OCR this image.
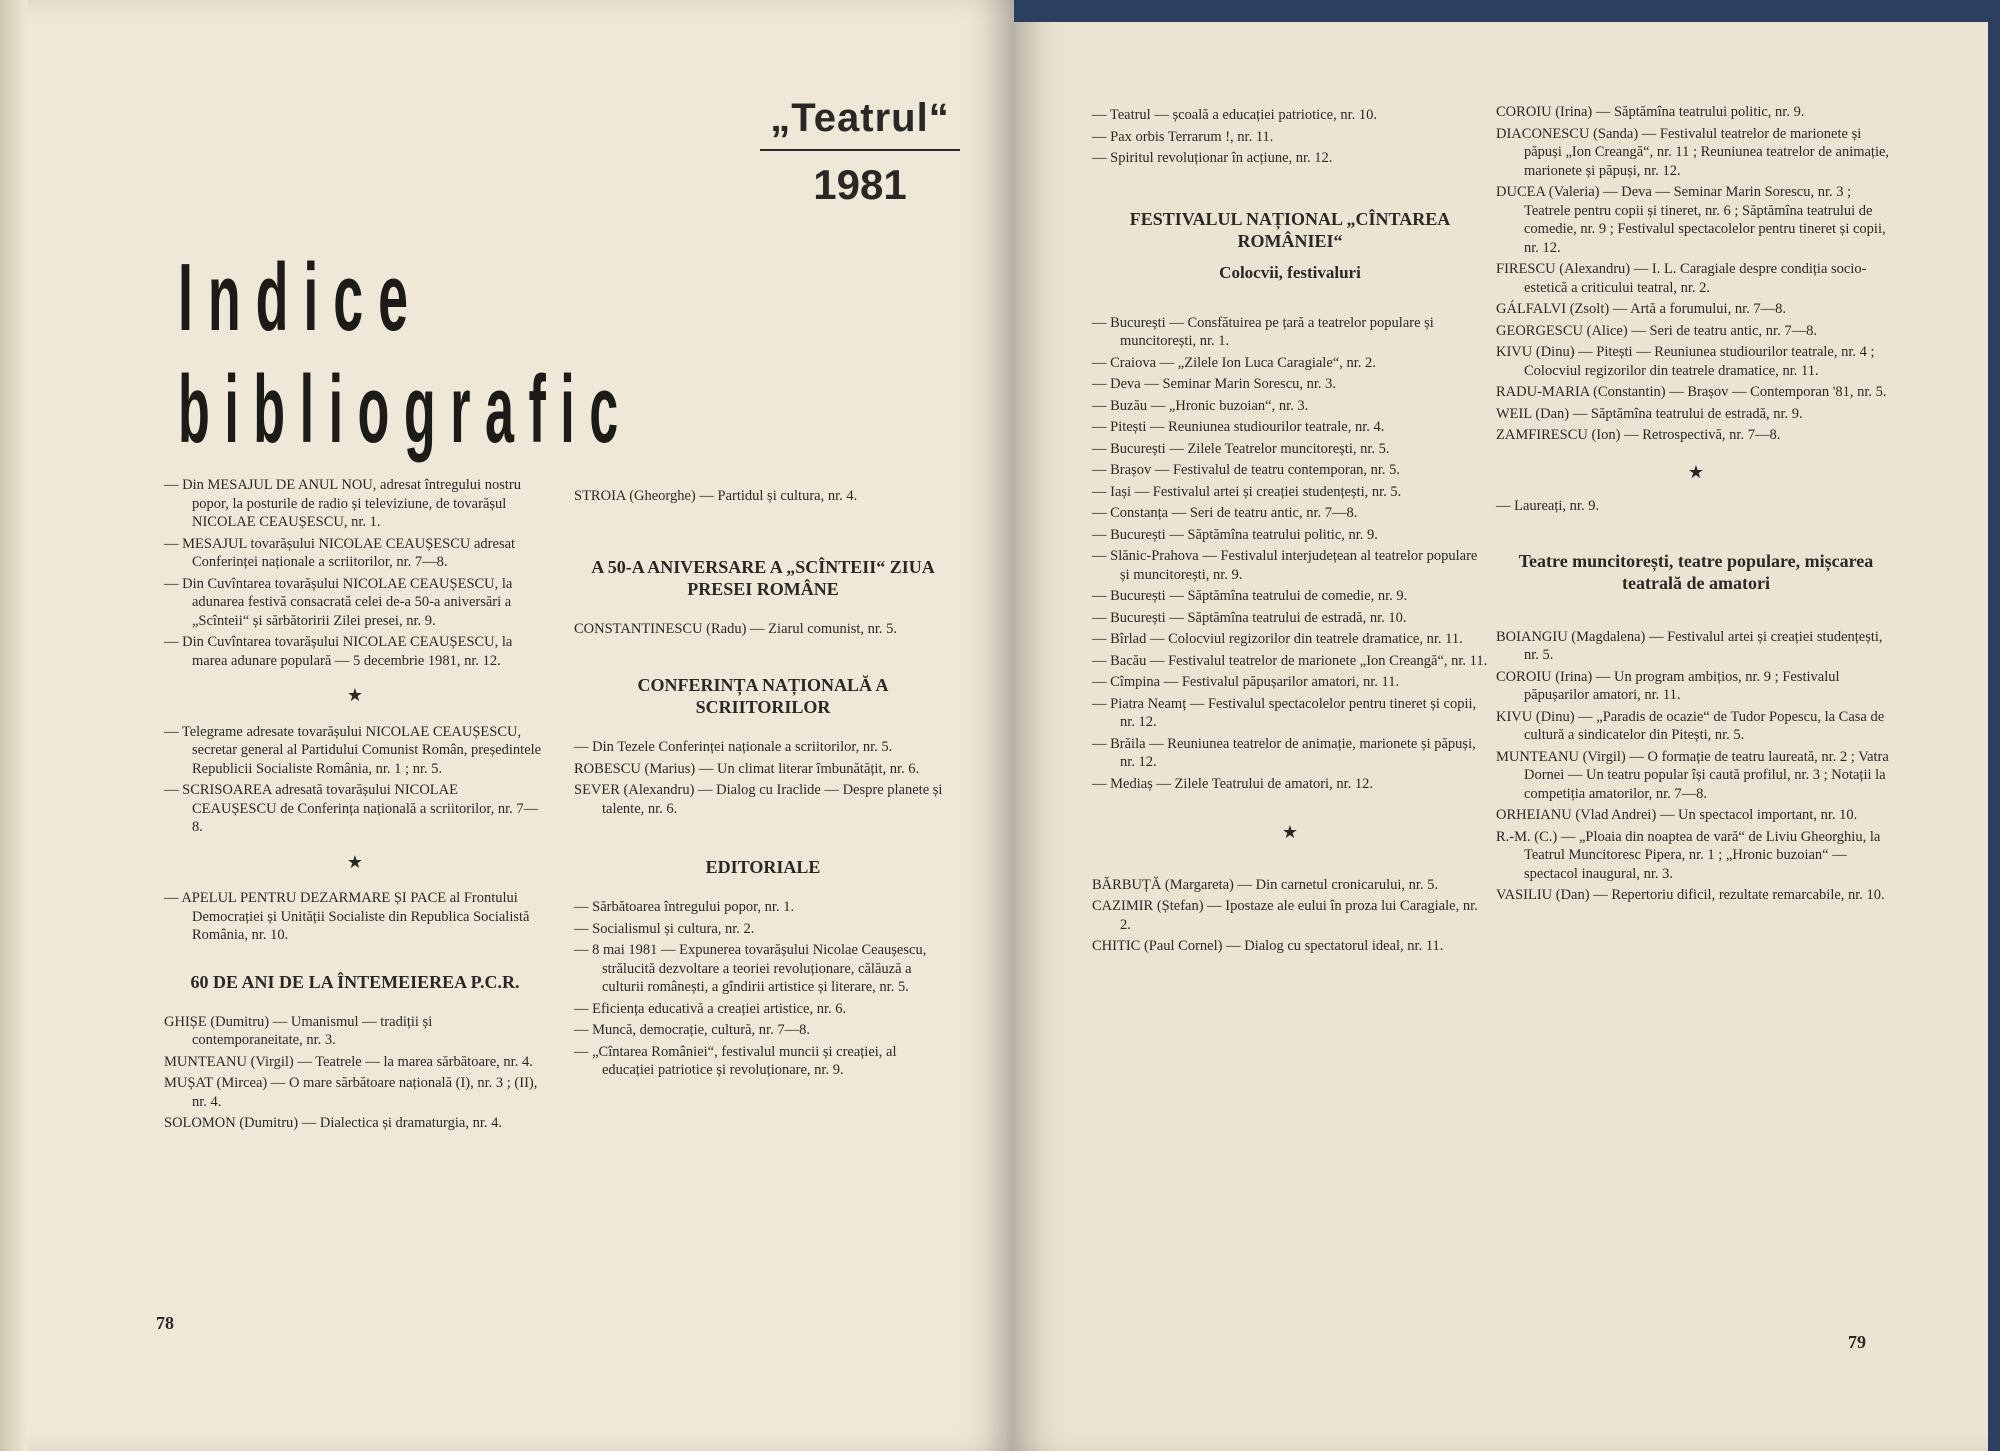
„Teatrul“
1981
I n d i c e
b i b l i o g r a f i c
— Din MESAJUL DE ANUL NOU, adresat întregului nostru popor, la posturile de radio și televiziune, de tovarășul NICOLAE CEAUȘESCU, nr. 1.
— MESAJUL tovarășului NICOLAE CEAUȘESCU adresat Conferinței naționale a scriitorilor, nr. 7—8.
— Din Cuvîntarea tovarășului NICOLAE CEAUȘESCU, la adunarea festivă consacrată celei de-a 50-a aniversări a „Scînteii“ și sărbătoririi Zilei presei, nr. 9.
— Din Cuvîntarea tovarășului NICOLAE CEAUȘESCU, la marea adunare populară — 5 decembrie 1981, nr. 12.
★
— Telegrame adresate tovarășului NICOLAE CEAUȘESCU, secretar general al Partidului Comunist Român, președintele Republicii Socialiste România, nr. 1 ; nr. 5.
— SCRISOAREA adresată tovarășului NICOLAE CEAUȘESCU de Conferința națională a scriitorilor, nr. 7—8.
★
— APELUL PENTRU DEZARMARE ȘI PACE al Frontului Democrației și Unității Socialiste din Republica Socialistă România, nr. 10.
60 DE ANI DE LA ÎNTEMEIEREA P.C.R.
GHIȘE (Dumitru) — Umanismul — tradiții și contemporaneitate, nr. 3.
MUNTEANU (Virgil) — Teatrele — la marea sărbătoare, nr. 4.
MUȘAT (Mircea) — O mare sărbătoare națională (I), nr. 3 ; (II), nr. 4.
SOLOMON (Dumitru) — Dialectica și dramaturgia, nr. 4.
STROIA (Gheorghe) — Partidul și cultura, nr. 4.
A 50-A ANIVERSARE A „SCÎNTEII“ ZIUA PRESEI ROMÂNE
CONSTANTINESCU (Radu) — Ziarul comunist, nr. 5.
CONFERINȚA NAȚIONALĂ A SCRIITORILOR
— Din Tezele Conferinței naționale a scriitorilor, nr. 5.
ROBESCU (Marius) — Un climat literar îmbunătățit, nr. 6.
SEVER (Alexandru) — Dialog cu Iraclide — Despre planete și talente, nr. 6.
EDITORIALE
— Sărbătoarea întregului popor, nr. 1.
— Socialismul și cultura, nr. 2.
— 8 mai 1981 — Expunerea tovarășului Nicolae Ceaușescu, strălucită dezvoltare a teoriei revoluționare, călăuză a culturii românești, a gîndirii artistice și literare, nr. 5.
— Eficiența educativă a creației artistice, nr. 6.
— Muncă, democrație, cultură, nr. 7—8.
— „Cîntarea României“, festivalul muncii și creației, al educației patriotice și revoluționare, nr. 9.
78
— Teatrul — școală a educației patriotice, nr. 10.
— Pax orbis Terrarum !, nr. 11.
— Spiritul revoluționar în acțiune, nr. 12.
FESTIVALUL NAȚIONAL „CÎNTAREA ROMÂNIEI“
Colocvii, festivaluri
— București — Consfătuirea pe țară a teatrelor populare și muncitorești, nr. 1.
— Craiova — „Zilele Ion Luca Caragiale“, nr. 2.
— Deva — Seminar Marin Sorescu, nr. 3.
— Buzău — „Hronic buzoian“, nr. 3.
— Pitești — Reuniunea studiourilor teatrale, nr. 4.
— București — Zilele Teatrelor muncitorești, nr. 5.
— Brașov — Festivalul de teatru contemporan, nr. 5.
— Iași — Festivalul artei și creației studențești, nr. 5.
— Constanța — Seri de teatru antic, nr. 7—8.
— București — Săptămîna teatrului politic, nr. 9.
— Slănic-Prahova — Festivalul interjudețean al teatrelor populare și muncitorești, nr. 9.
— București — Săptămîna teatrului de comedie, nr. 9.
— București — Săptămîna teatrului de estradă, nr. 10.
— Bîrlad — Colocviul regizorilor din teatrele dramatice, nr. 11.
— Bacău — Festivalul teatrelor de marionete „Ion Creangă“, nr. 11.
— Cîmpina — Festivalul păpușarilor amatori, nr. 11.
— Piatra Neamț — Festivalul spectacolelor pentru tineret și copii, nr. 12.
— Brăila — Reuniunea teatrelor de animație, marionete și păpuși, nr. 12.
— Mediaș — Zilele Teatrului de amatori, nr. 12.
★
BĂRBUȚĂ (Margareta) — Din carnetul cronicarului, nr. 5.
CAZIMIR (Ștefan) — Ipostaze ale eului în proza lui Caragiale, nr. 2.
CHITIC (Paul Cornel) — Dialog cu spectatorul ideal, nr. 11.
COROIU (Irina) — Săptămîna teatrului politic, nr. 9.
DIACONESCU (Sanda) — Festivalul teatrelor de marionete și păpuși „Ion Creangă“, nr. 11 ; Reuniunea teatrelor de animație, marionete și păpuși, nr. 12.
DUCEA (Valeria) — Deva — Seminar Marin Sorescu, nr. 3 ; Teatrele pentru copii și tineret, nr. 6 ; Săptămîna teatrului de comedie, nr. 9 ; Festivalul spectacolelor pentru tineret și copii, nr. 12.
FIRESCU (Alexandru) — I. L. Caragiale despre condiția socio-estetică a criticului teatral, nr. 2.
GÁLFALVI (Zsolt) — Artă a forumului, nr. 7—8.
GEORGESCU (Alice) — Seri de teatru antic, nr. 7—8.
KIVU (Dinu) — Pitești — Reuniunea studiourilor teatrale, nr. 4 ; Colocviul regizorilor din teatrele dramatice, nr. 11.
RADU-MARIA (Constantin) — Brașov — Contemporan '81, nr. 5.
WEIL (Dan) — Săptămîna teatrului de estradă, nr. 9.
ZAMFIRESCU (Ion) — Retrospectivă, nr. 7—8.
★
— Laureați, nr. 9.
Teatre muncitorești, teatre populare, mișcarea teatrală de amatori
BOIANGIU (Magdalena) — Festivalul artei și creației studențești, nr. 5.
COROIU (Irina) — Un program ambițios, nr. 9 ; Festivalul păpușarilor amatori, nr. 11.
KIVU (Dinu) — „Paradis de ocazie“ de Tudor Popescu, la Casa de cultură a sindicatelor din Pitești, nr. 5.
MUNTEANU (Virgil) — O formație de teatru laureată, nr. 2 ; Vatra Dornei — Un teatru popular își caută profilul, nr. 3 ; Notații la competiția amatorilor, nr. 7—8.
ORHEIANU (Vlad Andrei) — Un spectacol important, nr. 10.
R.-M. (C.) — „Ploaia din noaptea de vară“ de Liviu Gheorghiu, la Teatrul Muncitoresc Pipera, nr. 1 ; „Hronic buzoian“ — spectacol inaugural, nr. 3.
VASILIU (Dan) — Repertoriu dificil, rezultate remarcabile, nr. 10.
79
